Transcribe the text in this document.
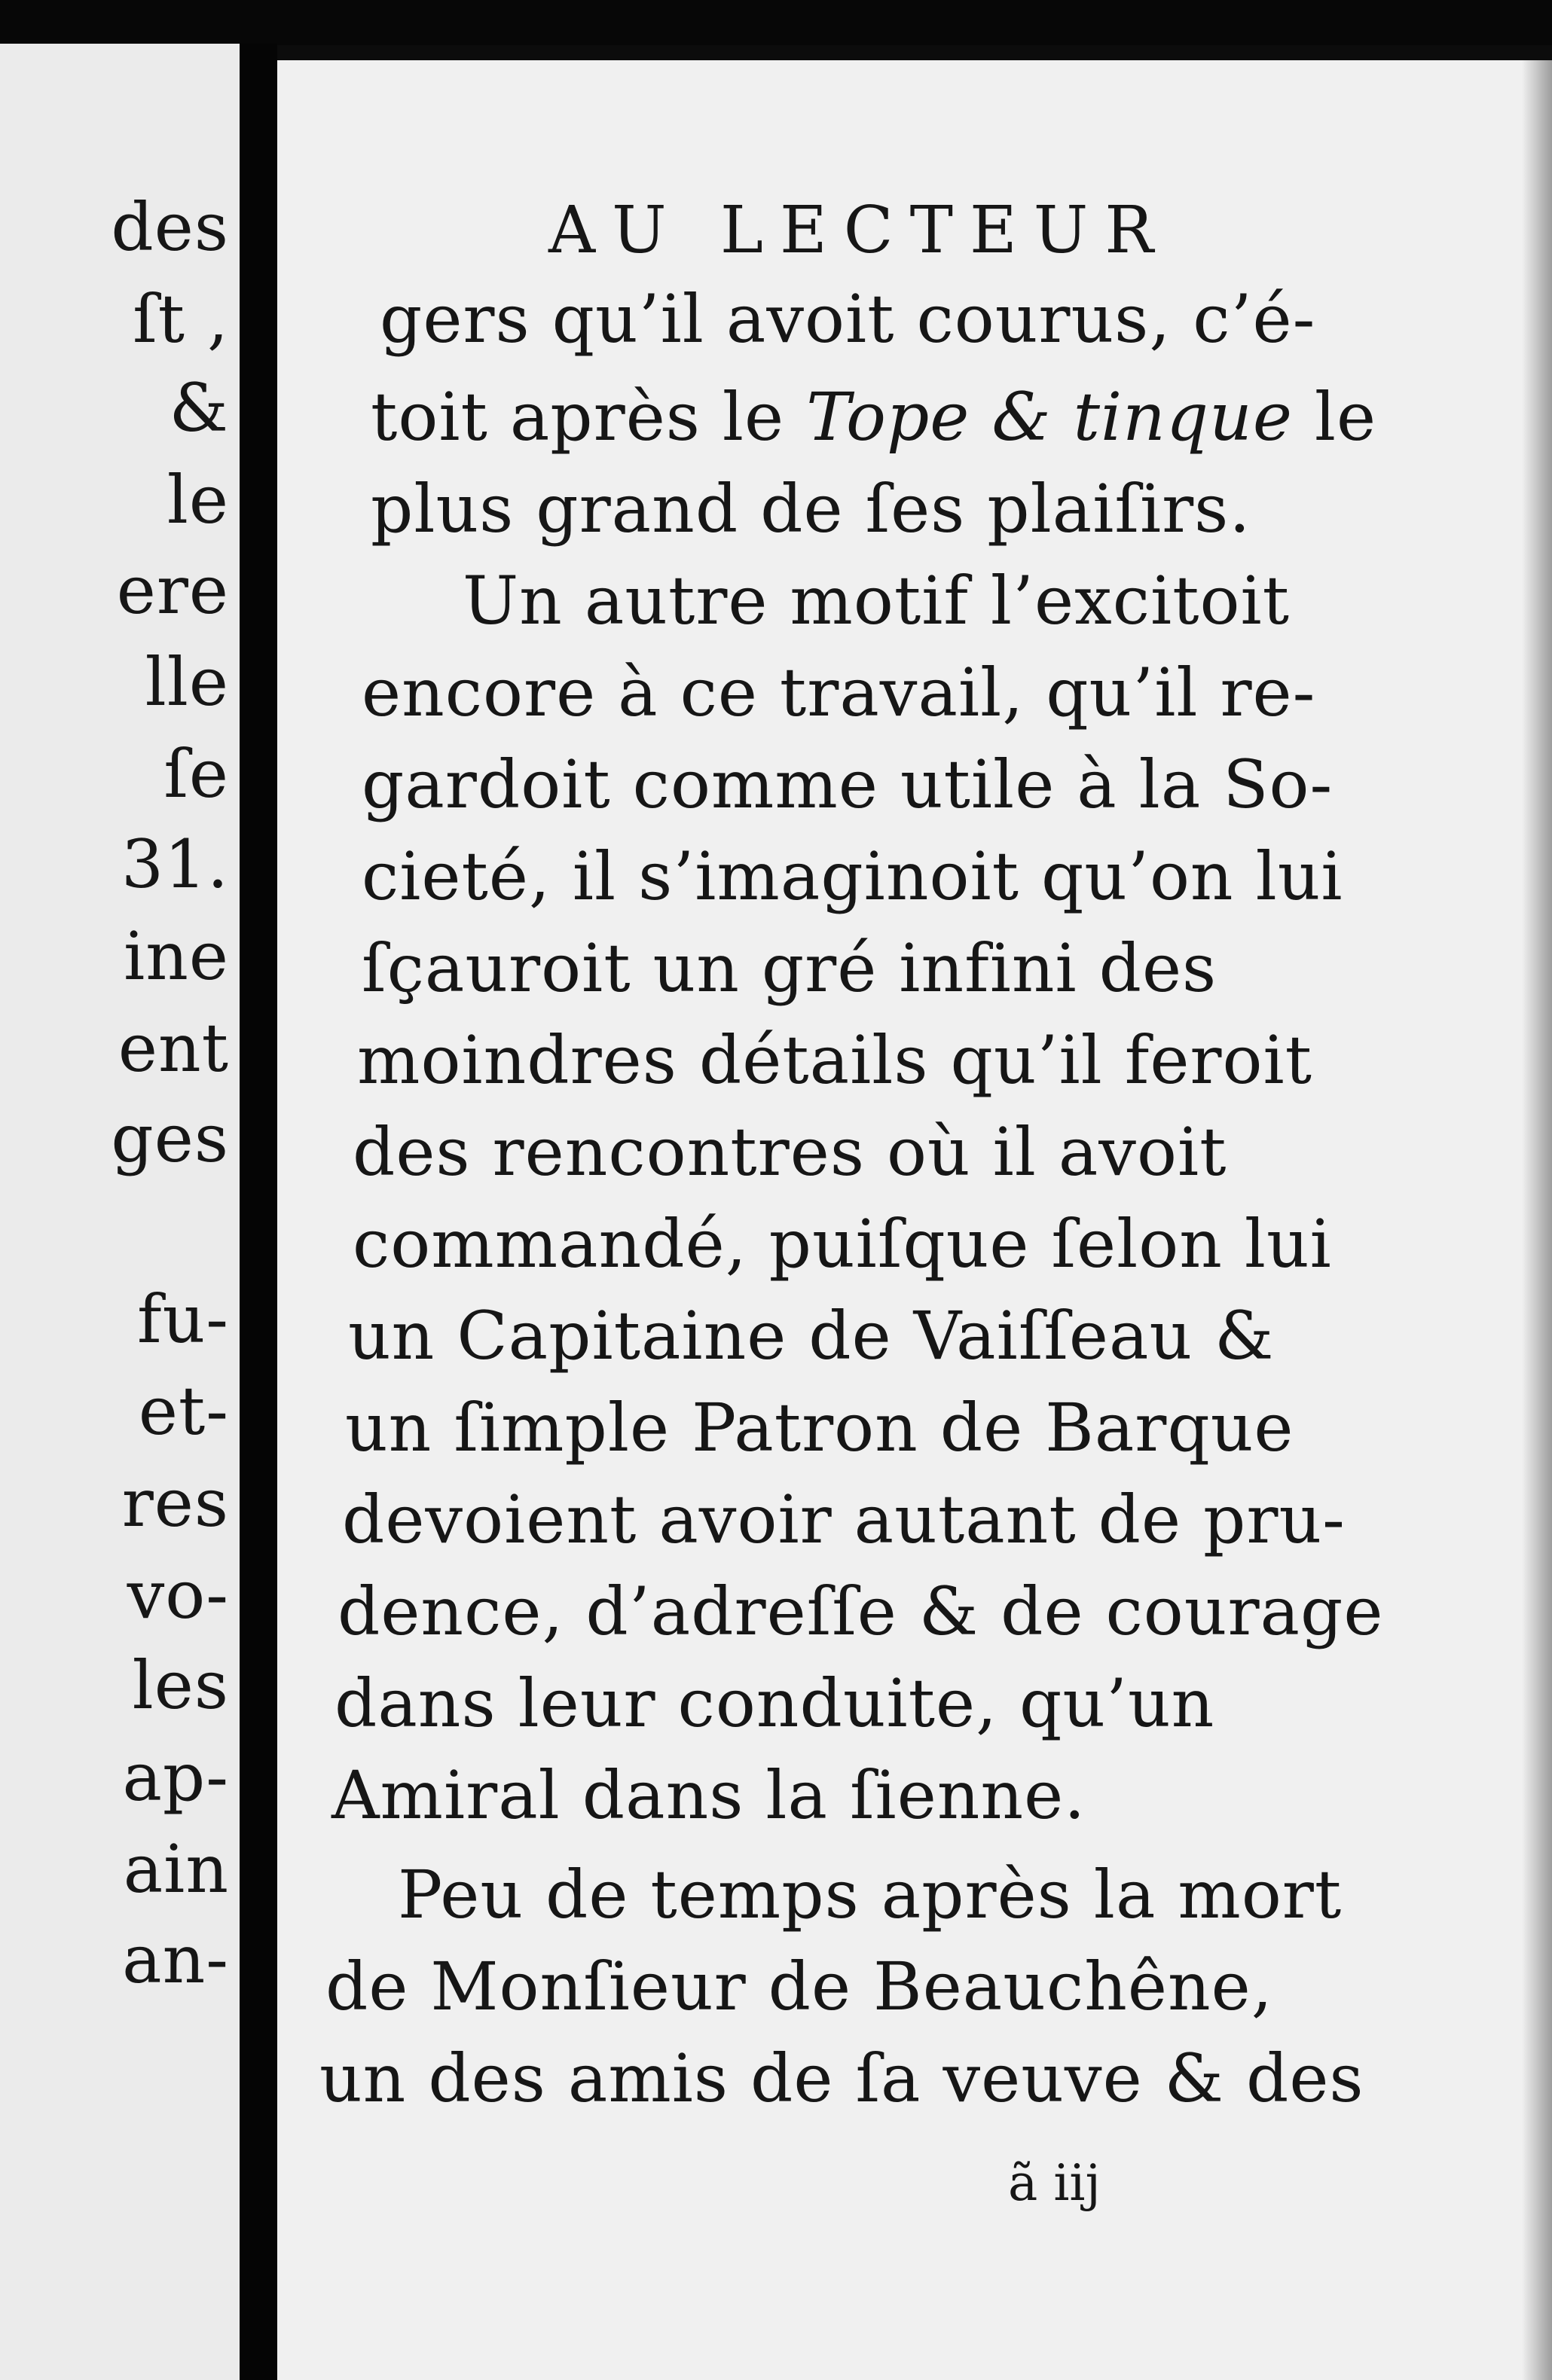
des
ſt ,
&
le
ere
lle
ſe
31.
ine
ent
ges
fu-
et-
res
vo-
les
ap-
ain
an-
AU LECTEUR
gers qu’il avoit courus, c’é-
toit après le Tope & tinque le
plus grand de ſes plaiſirs.
Un autre motif l’excitoit
encore à ce travail, qu’il re-
gardoit comme utile à la So-
cieté, il s’imaginoit qu’on lui
ſçauroit un gré infini des
moindres détails qu’il feroit
des rencontres où il avoit
commandé, puiſque ſelon lui
un Capitaine de Vaiſſeau &
un ſimple Patron de Barque
devoient avoir autant de pru-
dence, d’adreſſe & de courage
dans leur conduite, qu’un
Amiral dans la ſienne.
Peu de temps après la mort
de Monſieur de Beauchêne,
un des amis de ſa veuve & des
ã iij
